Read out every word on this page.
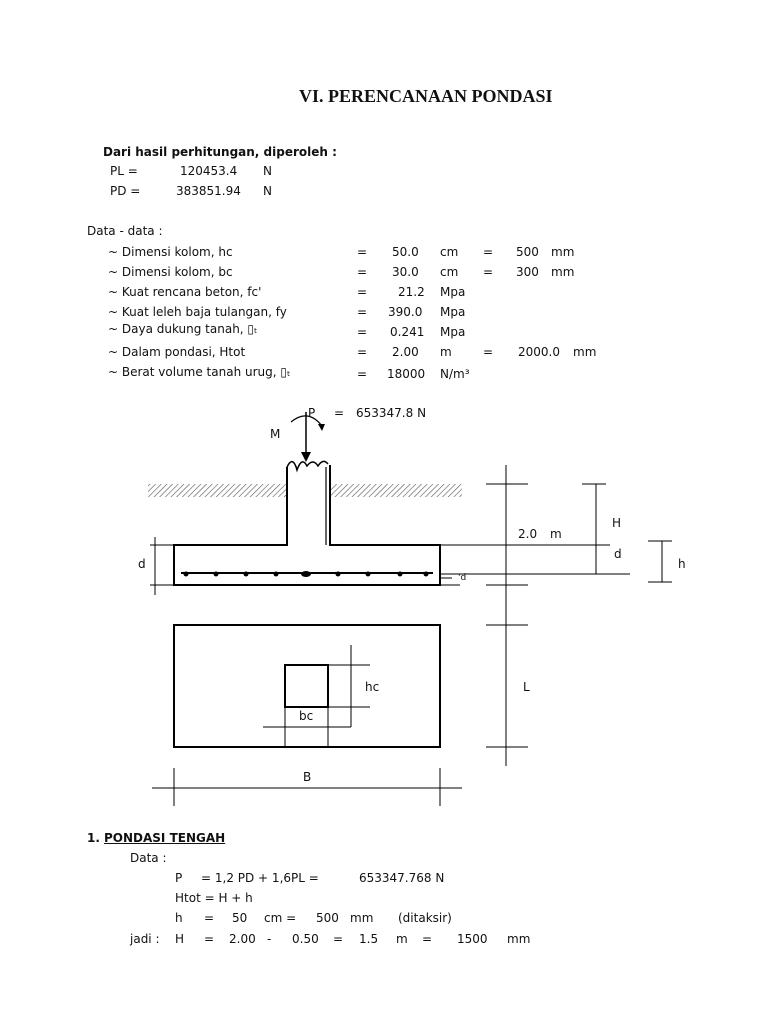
VI. PERENCANAAN PONDASI
Dari hasil perhitungan, diperoleh :
PL =	120453.4 N
PD =	383851.94 N
Data - data :
~ Dimensi kolom, hc	= 50.0 cm = 500 mm
~ Dimensi kolom, bc	= 30.0 cm = 300 mm
~ Kuat rencana beton, fc'	=	21.2 Mpa
~ Kuat leleh baja tulangan, fy	= 390.0 Mpa
~ Daya dukung tanah, ▯ₜ	= 0.241 Mpa
~ Dalam pondasi, Htot	= 2.00 m	= 2000.0 mm
~ Berat volume tanah urug, ▯ₜ	= 18000 N/m³
P = 653347.8 N
M
H
d
h
d
'd
2.0 m
hc
bc
L
B
1. PONDASI TENGAH
Data :
P = 1,2 PD + 1,6PL =	653347.768 N
Htot = H + h
h = 50 cm = 500 mm (ditaksir)
jadi : H = 2.00 - 0.50 = 1.5 m = 1500 mm
